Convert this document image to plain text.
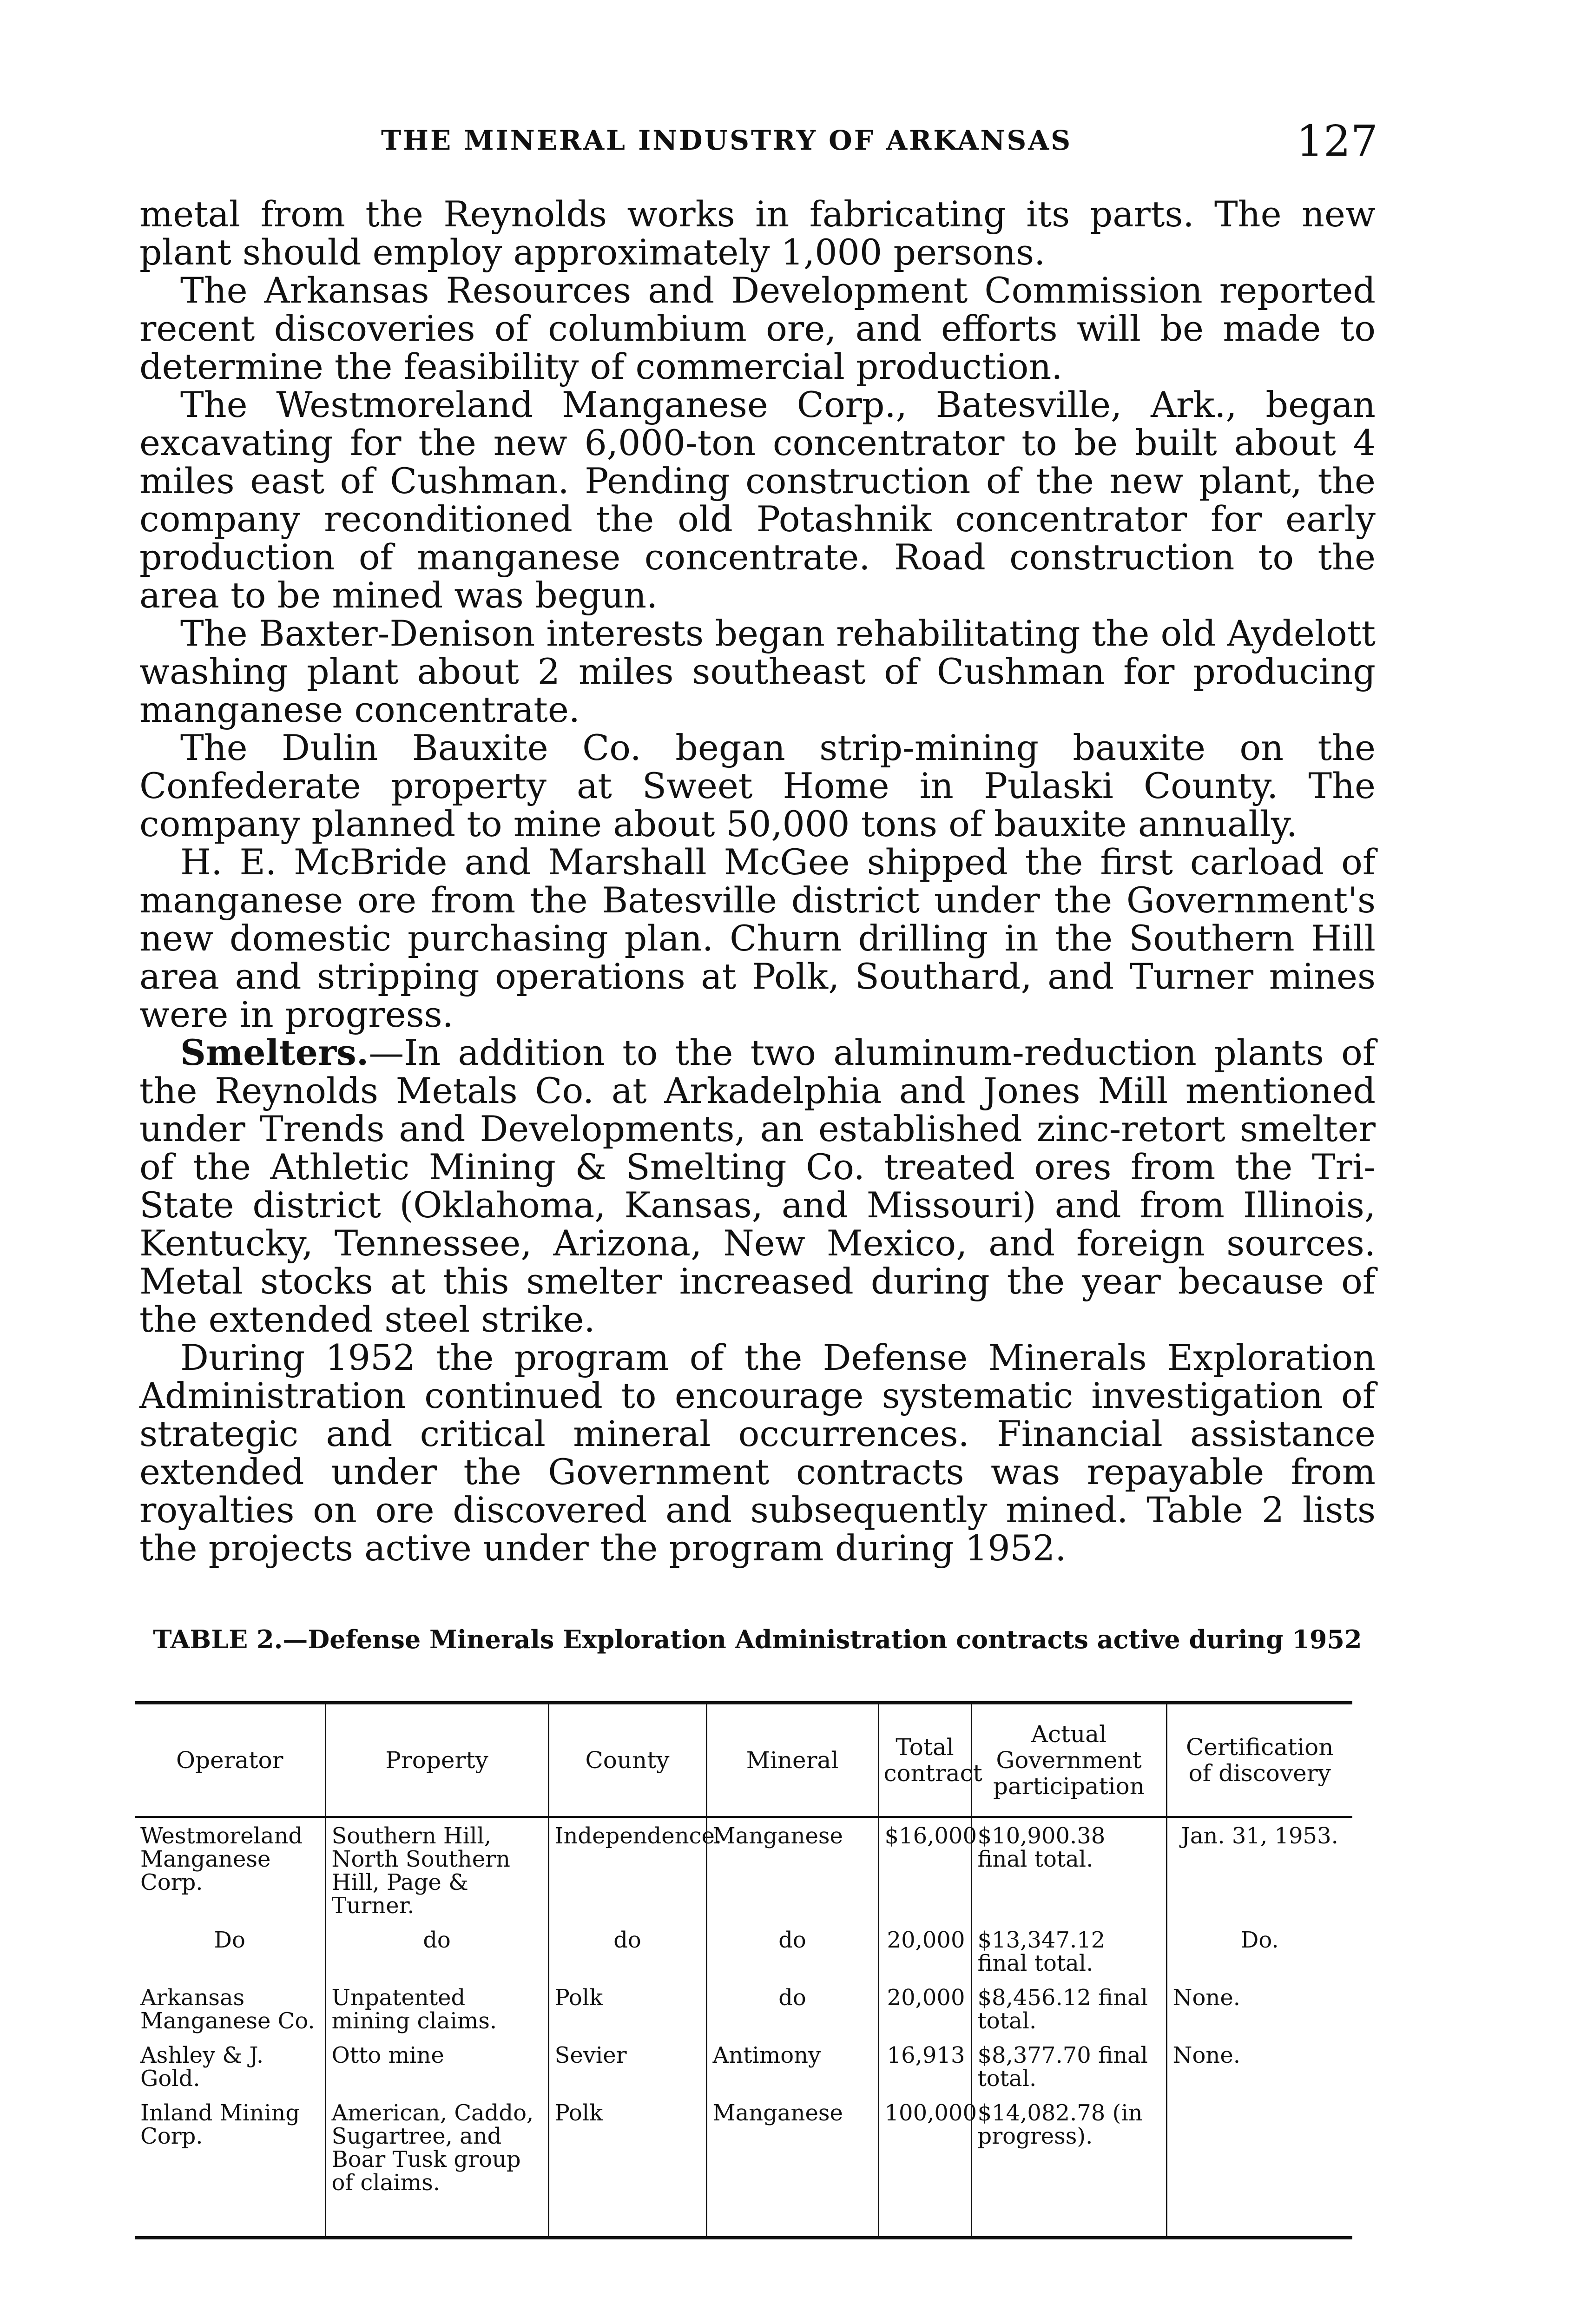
THE MINERAL INDUSTRY OF ARKANSAS	127

metal from the Reynolds works in fabricating its parts. The new plant should employ approximately 1,000 persons.

The Arkansas Resources and Development Commission reported recent discoveries of columbium ore, and efforts will be made to determine the feasibility of commercial production.

The Westmoreland Manganese Corp., Batesville, Ark., began excavating for the new 6,000-ton concentrator to be built about 4 miles east of Cushman. Pending construction of the new plant, the company reconditioned the old Potashnik concentrator for early production of manganese concentrate. Road construction to the area to be mined was begun.

The Baxter-Denison interests began rehabilitating the old Aydelott washing plant about 2 miles southeast of Cushman for producing manganese concentrate.

The Dulin Bauxite Co. began strip-mining bauxite on the Confederate property at Sweet Home in Pulaski County. The company planned to mine about 50,000 tons of bauxite annually.

H. E. McBride and Marshall McGee shipped the first carload of manganese ore from the Batesville district under the Government's new domestic purchasing plan. Churn drilling in the Southern Hill area and stripping operations at Polk, Southard, and Turner mines were in progress.

Smelters.—In addition to the two aluminum-reduction plants of the Reynolds Metals Co. at Arkadelphia and Jones Mill mentioned under Trends and Developments, an established zinc-retort smelter of the Athletic Mining & Smelting Co. treated ores from the Tri-State district (Oklahoma, Kansas, and Missouri) and from Illinois, Kentucky, Tennessee, Arizona, New Mexico, and foreign sources. Metal stocks at this smelter increased during the year because of the extended steel strike.

During 1952 the program of the Defense Minerals Exploration Administration continued to encourage systematic investigation of strategic and critical mineral occurrences. Financial assistance extended under the Government contracts was repayable from royalties on ore discovered and subsequently mined. Table 2 lists the projects active under the program during 1952.

TABLE 2.—Defense Minerals Exploration Administration contracts active during 1952
Operator	Property	County	Mineral	Total contract	Actual Government participation	Certification of discovery
Westmoreland Manganese Corp.	Southern Hill, North Southern Hill, Page & Turner.	Independence.	Manganese	$16,000	$10,900.38 final total.	Jan. 31, 1953.
Do	do	do	do	20,000	$13,347.12 final total.	Do.
Arkansas Manganese Co.	Unpatented mining claims.	Polk	do	20,000	$8,456.12 final total.	None.
Ashley & J. Gold.	Otto mine	Sevier	Antimony	16,913	$8,377.70 final total.	None.
Inland Mining Corp.	American, Caddo, Sugartree, and Boar Tusk group of claims.	Polk	Manganese	100,000	$14,082.78 (in progress).	
